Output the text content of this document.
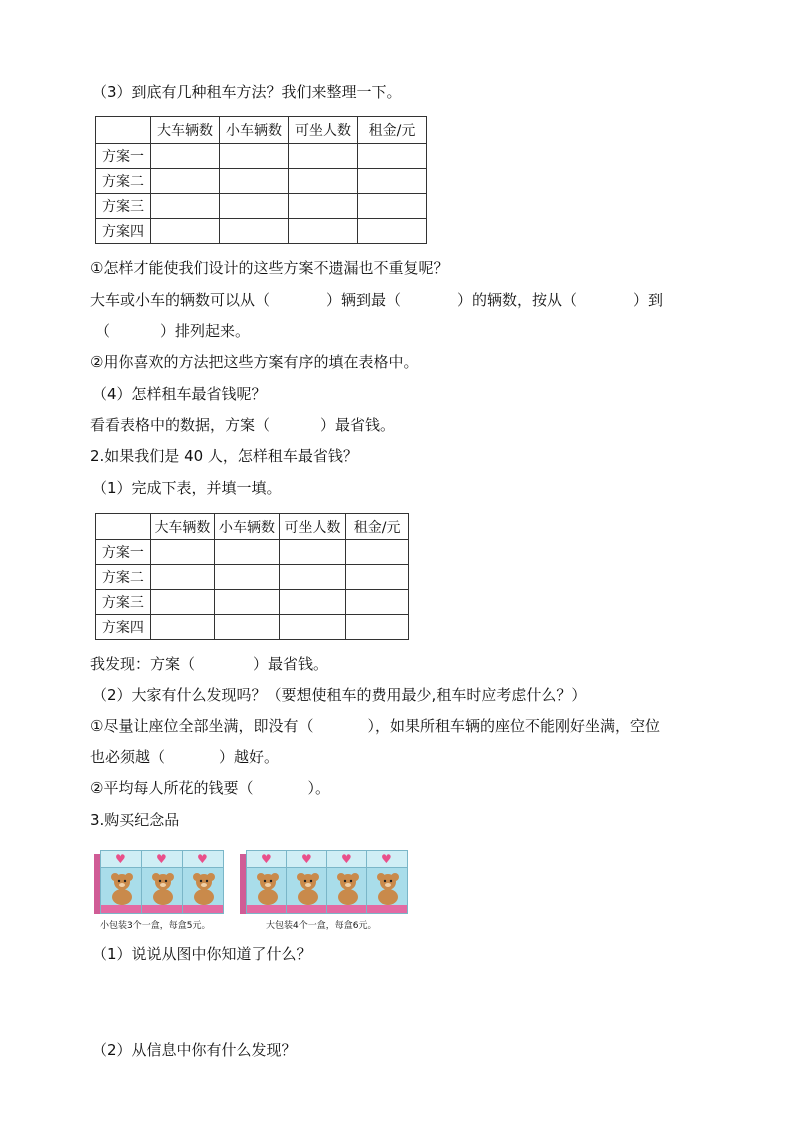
（3）到底有几种租车方法？我们来整理一下。
	大车辆数	小车辆数	可坐人数	租金/元
方案一				
方案二				
方案三				
方案四				
①怎样才能使我们设计的这些方案不遗漏也不重复呢？
大车或小车的辆数可以从（	）辆到最（	）的辆数，按从（	）到
（	）排列起来。
②用你喜欢的方法把这些方案有序的填在表格中。
（4）怎样租车最省钱呢？
看看表格中的数据，方案（	）最省钱。
2.如果我们是 40 人，怎样租车最省钱？
（1）完成下表，并填一填。
	大车辆数	小车辆数	可坐人数	租金/元
方案一				
方案二				
方案三				
方案四				
我发现：方案（	）最省钱。
（2）大家有什么发现吗？（要想使租车的费用最少,租车时应考虑什么？）
①尽量让座位全部坐满，即没有（	），如果所租车辆的座位不能刚好坐满，空位
也必须越（	）越好。
②平均每人所花的钱要（	）。
3.购买纪念品
♥	♥	♥
小包装3个一盒，每盒5元。
♥ ♥ ♥ ♥
大包装4个一盒，每盒6元。
（1）说说从图中你知道了什么？
（2）从信息中你有什么发现？
